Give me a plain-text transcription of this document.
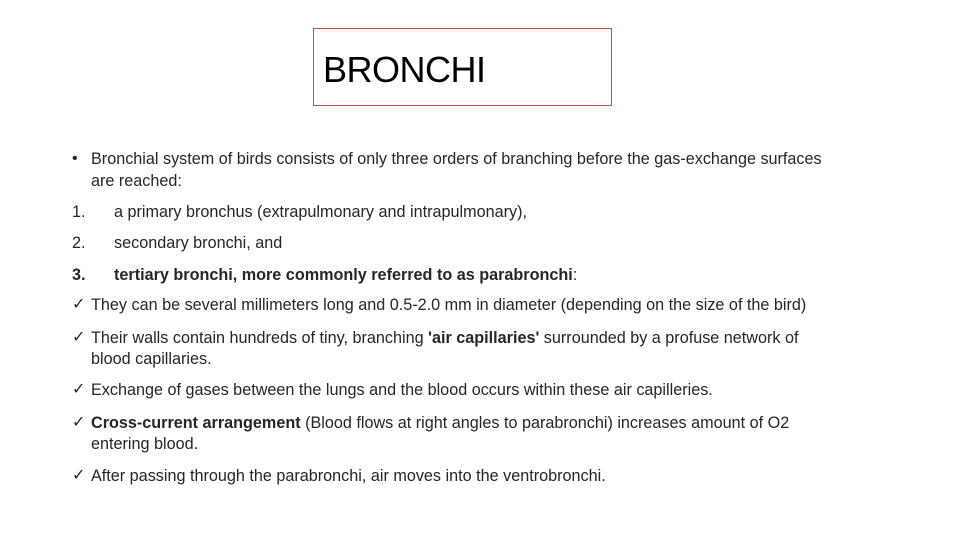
BRONCHI
• Bronchial system of birds consists of only three orders of branching before the gas-exchange surfaces
are reached:
1. a primary bronchus (extrapulmonary and intrapulmonary),
2. secondary bronchi, and
3. tertiary bronchi, more commonly referred to as parabronchi:
✓ They can be several millimeters long and 0.5-2.0 mm in diameter (depending on the size of the bird)
✓ Their walls contain hundreds of tiny, branching 'air capillaries' surrounded by a profuse network of
blood capillaries.
✓ Exchange of gases between the lungs and the blood occurs within these air capilleries.
✓ Cross-current arrangement (Blood flows at right angles to parabronchi) increases amount of O2
entering blood.
✓ After passing through the parabronchi, air moves into the ventrobronchi.
